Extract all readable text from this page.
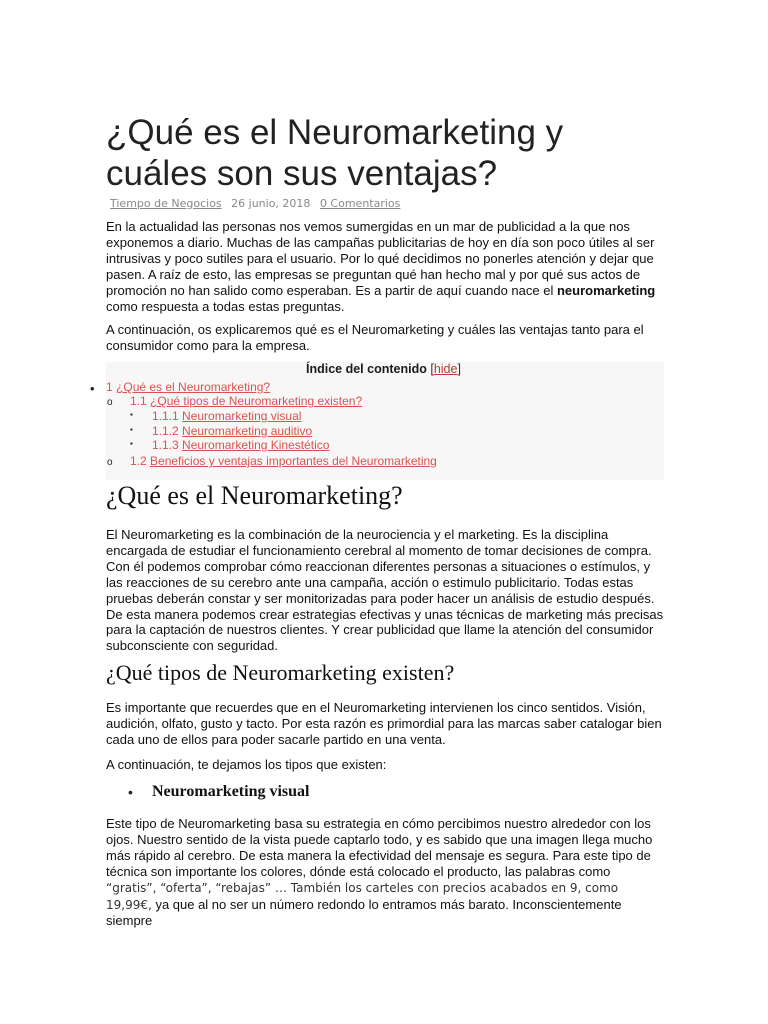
¿Qué es el Neuromarketing y cuáles son sus ventajas?
Tiempo de Negocios 26 junio, 2018 0 Comentarios

En la actualidad las personas nos vemos sumergidas en un mar de publicidad a la que nos exponemos a diario. Muchas de las campañas publicitarias de hoy en día son poco útiles al ser intrusivas y poco sutiles para el usuario. Por lo qué decidimos no ponerles atención y dejar que pasen. A raíz de esto, las empresas se preguntan qué han hecho mal y por qué sus actos de promoción no han salido como esperaban. Es a partir de aquí cuando nace el neuromarketing como respuesta a todas estas preguntas.

A continuación, os explicaremos qué es el Neuromarketing y cuáles las ventajas tanto para el consumidor como para la empresa.

Índice del contenido [hide]
•
o
▪
▪
▪
o
1 ¿Qué es el Neuromarketing?
1.1 ¿Qué tipos de Neuromarketing existen?
1.1.1 Neuromarketing visual
1.1.2 Neuromarketing auditivo
1.1.3 Neuromarketing Kinestético
1.2 Beneficios y ventajas importantes del Neuromarketing
¿Qué es el Neuromarketing?

El Neuromarketing es la combinación de la neurociencia y el marketing. Es la disciplina encargada de estudiar el funcionamiento cerebral al momento de tomar decisiones de compra. Con él podemos comprobar cómo reaccionan diferentes personas a situaciones o estímulos, y las reacciones de su cerebro ante una campaña, acción o estimulo publicitario. Todas estas pruebas deberán constar y ser monitorizadas para poder hacer un análisis de estudio después. De esta manera podemos crear estrategias efectivas y unas técnicas de marketing más precisas para la captación de nuestros clientes. Y crear publicidad que llame la atención del consumidor subconsciente con seguridad.

¿Qué tipos de Neuromarketing existen?

Es importante que recuerdes que en el Neuromarketing intervienen los cinco sentidos. Visión, audición, olfato, gusto y tacto. Por esta razón es primordial para las marcas saber catalogar bien cada uno de ellos para poder sacarle partido en una venta.

A continuación, te dejamos los tipos que existen:

• Neuromarketing visual

Este tipo de Neuromarketing basa su estrategia en cómo percibimos nuestro alrededor con los ojos. Nuestro sentido de la vista puede captarlo todo, y es sabido que una imagen llega mucho más rápido al cerebro. De esta manera la efectividad del mensaje es segura. Para este tipo de técnica son importante los colores, dónde está colocado el producto, las palabras como “gratis”, “oferta”, “rebajas” … También los carteles con precios acabados en 9, como 19,99€, ya que al no ser un número redondo lo entramos más barato. Inconscientemente siempre
